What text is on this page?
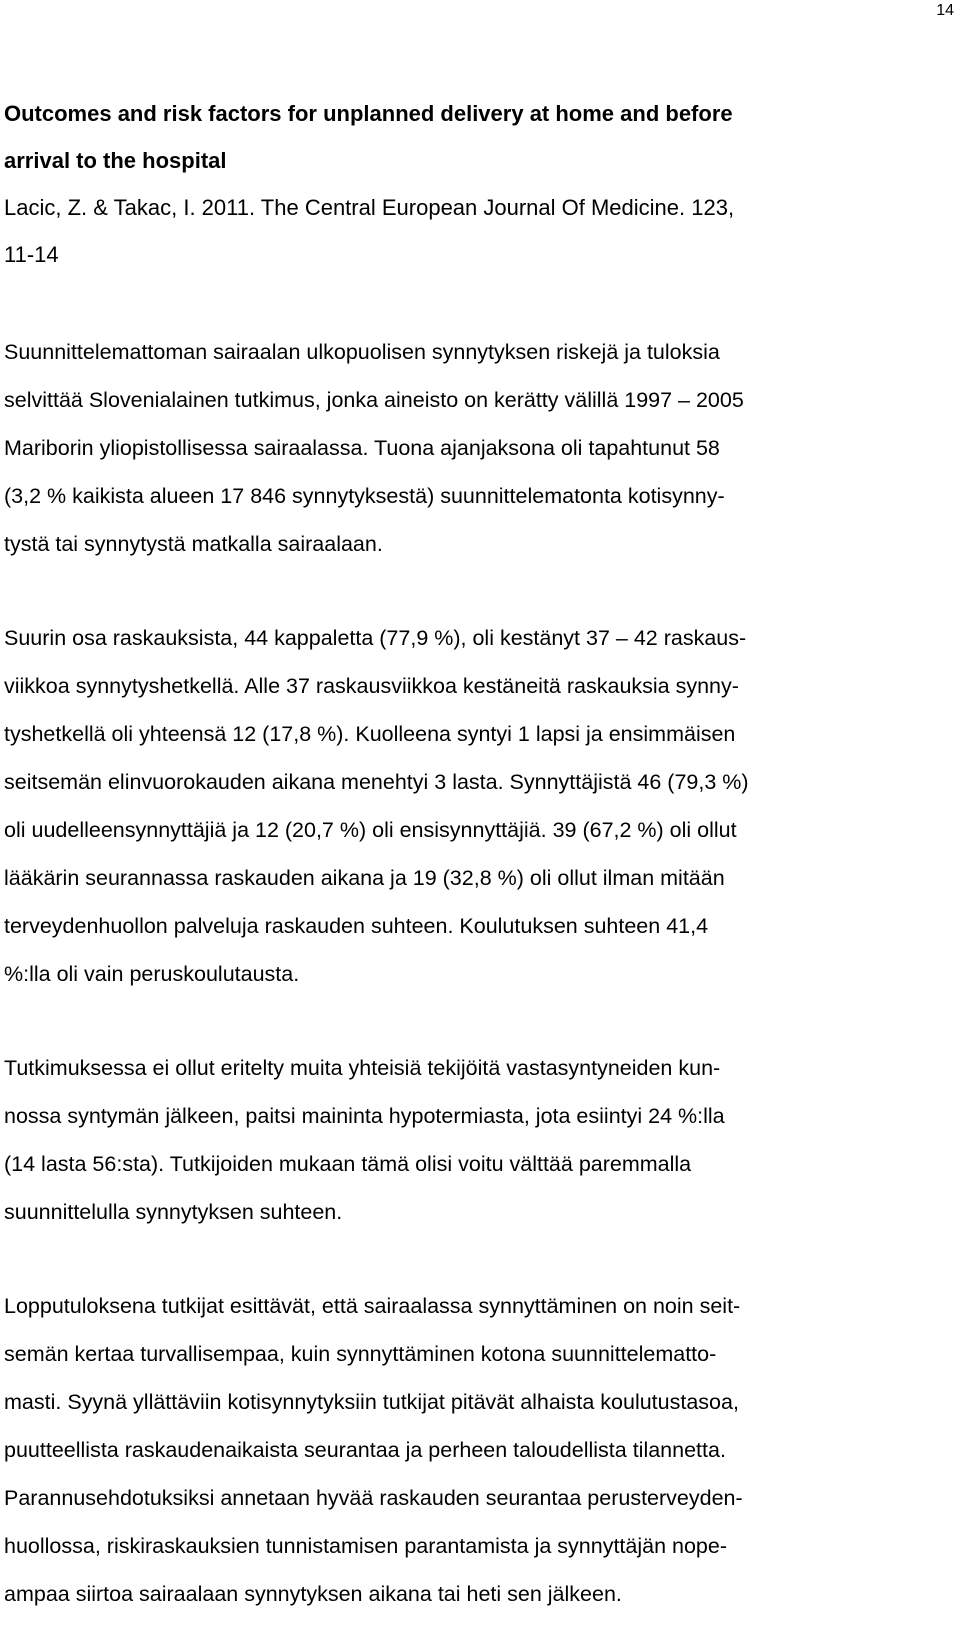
14
Outcomes and risk factors for unplanned delivery at home and before
arrival to the hospital
Lacic, Z. & Takac, I. 2011. The Central European Journal Of Medicine. 123,
11-14

Suunnittelemattoman sairaalan ulkopuolisen synnytyksen riskejä ja tuloksia
selvittää Slovenialainen tutkimus, jonka aineisto on kerätty välillä 1997 – 2005
Mariborin yliopistollisessa sairaalassa. Tuona ajanjaksona oli tapahtunut 58
(3,2 % kaikista alueen 17 846 synnytyksestä) suunnittelematonta kotisynny-
tystä tai synnytystä matkalla sairaalaan.

Suurin osa raskauksista, 44 kappaletta (77,9 %), oli kestänyt 37 – 42 raskaus-
viikkoa synnytyshetkellä. Alle 37 raskausviikkoa kestäneitä raskauksia synny-
tyshetkellä oli yhteensä 12 (17,8 %). Kuolleena syntyi 1 lapsi ja ensimmäisen
seitsemän elinvuorokauden aikana menehtyi 3 lasta. Synnyttäjistä 46 (79,3 %)
oli uudelleensynnyttäjiä ja 12 (20,7 %) oli ensisynnyttäjiä. 39 (67,2 %) oli ollut
lääkärin seurannassa raskauden aikana ja 19 (32,8 %) oli ollut ilman mitään
terveydenhuollon palveluja raskauden suhteen. Koulutuksen suhteen 41,4
%:lla oli vain peruskoulutausta.

Tutkimuksessa ei ollut eritelty muita yhteisiä tekijöitä vastasyntyneiden kun-
nossa syntymän jälkeen, paitsi maininta hypotermiasta, jota esiintyi 24 %:lla
(14 lasta 56:sta). Tutkijoiden mukaan tämä olisi voitu välttää paremmalla
suunnittelulla synnytyksen suhteen.

Lopputuloksena tutkijat esittävät, että sairaalassa synnyttäminen on noin seit-
semän kertaa turvallisempaa, kuin synnyttäminen kotona suunnittelematto-
masti. Syynä yllättäviin kotisynnytyksiin tutkijat pitävät alhaista koulutustasoa,
puutteellista raskaudenaikaista seurantaa ja perheen taloudellista tilannetta.
Parannusehdotuksiksi annetaan hyvää raskauden seurantaa perusterveyden-
huollossa, riskiraskauksien tunnistamisen parantamista ja synnyttäjän nope-
ampaa siirtoa sairaalaan synnytyksen aikana tai heti sen jälkeen.
